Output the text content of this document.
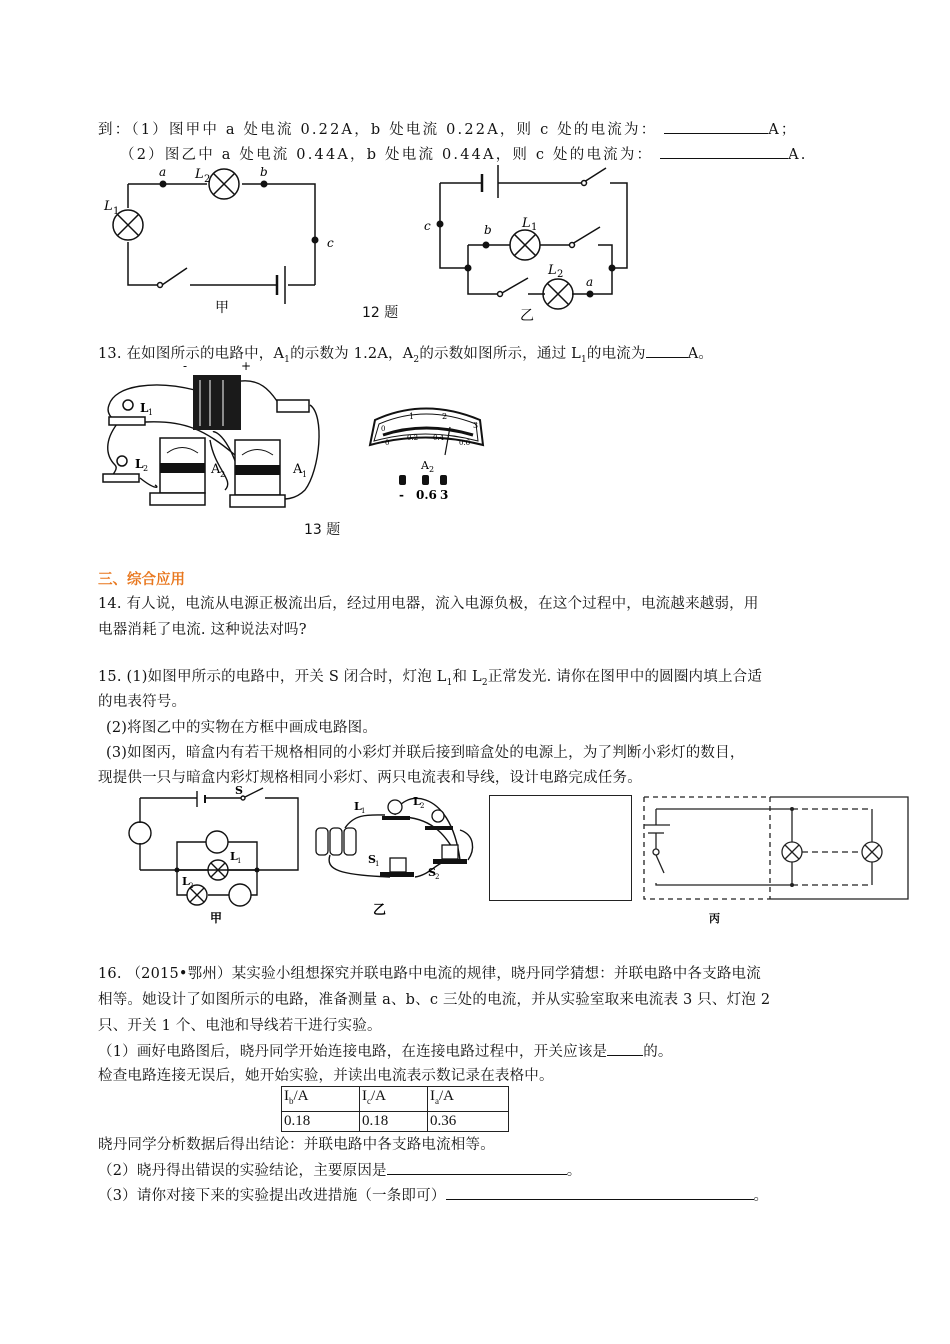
到：（1）图甲中 a 处电流 0.22A，b 处电流 0.22A，则 c 处的电流为：	A；
（2）图乙中 a 处电流 0.44A，b 处电流 0.44A，则 c 处的电流为：	A.
a	b
c
L 2
L 1
甲	12 题
c	b
a
L 1
L 2
乙
13. 在如图所示的电路中，$A_1$的示数为 1.2A，$A_2$的示数如图所示，通过 $L_1$的电流为	A。
-	+
L 1
L 2	A 2	A 1
13 题
0
1	2
3
0
0.2 0.4
0.6
A 2
- 0.6 3
三、综合应用
14. 有人说，电流从电源正极流出后，经过用电器，流入电源负极，在这个过程中，电流越来越弱，用
电器消耗了电流. 这种说法对吗?
15. (1)如图甲所示的电路中，开关 S 闭合时，灯泡 $L_1$和 $L_2$正常发光. 请你在图甲中的圆圈内填上合适
的电表符号。
(2)将图乙中的实物在方框中画成电路图。
(3)如图丙，暗盒内有若干规格相同的小彩灯并联后接到暗盒处的电源上，为了判断小彩灯的数目，
现提供一只与暗盒内彩灯规格相同小彩灯、两只电流表和导线，设计电路完成任务。
S
L 1
L 2
甲
L 1
L 2
S 1
S 2
乙
丙
16. （2015•鄂州）某实验小组想探究并联电路中电流的规律，晓丹同学猜想：并联电路中各支路电流
相等。她设计了如图所示的电路，准备测量 a、b、c 三处的电流，并从实验室取来电流表 3 只、灯泡 2
只、开关 1 个、电池和导线若干进行实验。
（1）画好电路图后，晓丹同学开始连接电路，在连接电路过程中，开关应该是 的。
检查电路连接无误后，她开始实验，并读出电流表示数记录在表格中。
$I_b/A$	$I_c/A$	$I_a/A$
0.18	0.18	0.36
晓丹同学分析数据后得出结论：并联电路中各支路电流相等。
（2）晓丹得出错误的实验结论，主要原因是	。
（3）请你对接下来的实验提出改进措施（一条即可）	。
